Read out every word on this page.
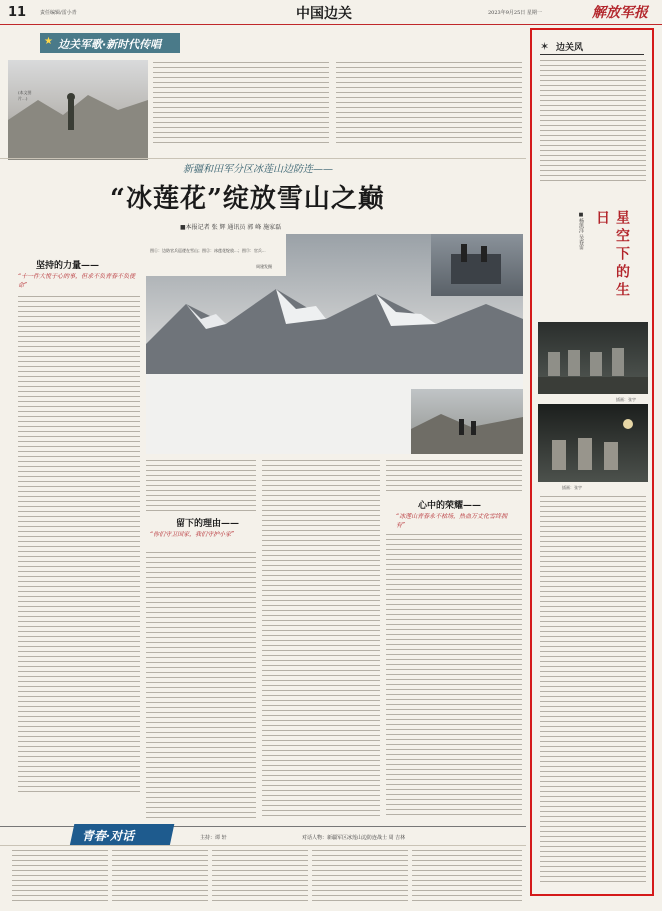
11	责任编辑/雷小青	中国边关	2023年9月25日 星期一	解放军报
★ 边关军歌·新时代传唱
(本文图片...)
新疆和田军分区冰莲山边防连——
“冰莲花”绽放雪山之巅
■本报记者 张 辉 通讯员 郭 峰 施家磊
图①：边防官兵巡逻在雪山；图②：冰莲花绽放...；图③：官兵...
周建发摄
坚持的力量——
“十一件大悦于心的事，但求不负青春不负使命”
留下的理由——
“你们守卫国家，我们守护小家”
心中的荣耀——
“冰莲山青春永不枯场，热血万丈化雪终拥有”
青春·对话	主持：谭 轩	对话人物：新疆军区冰莲山边防连战士 周 吉林
✶ 边关风
星空下的生日
■杨凯洋 吴春雷
插画：张宇
插画：张宇
